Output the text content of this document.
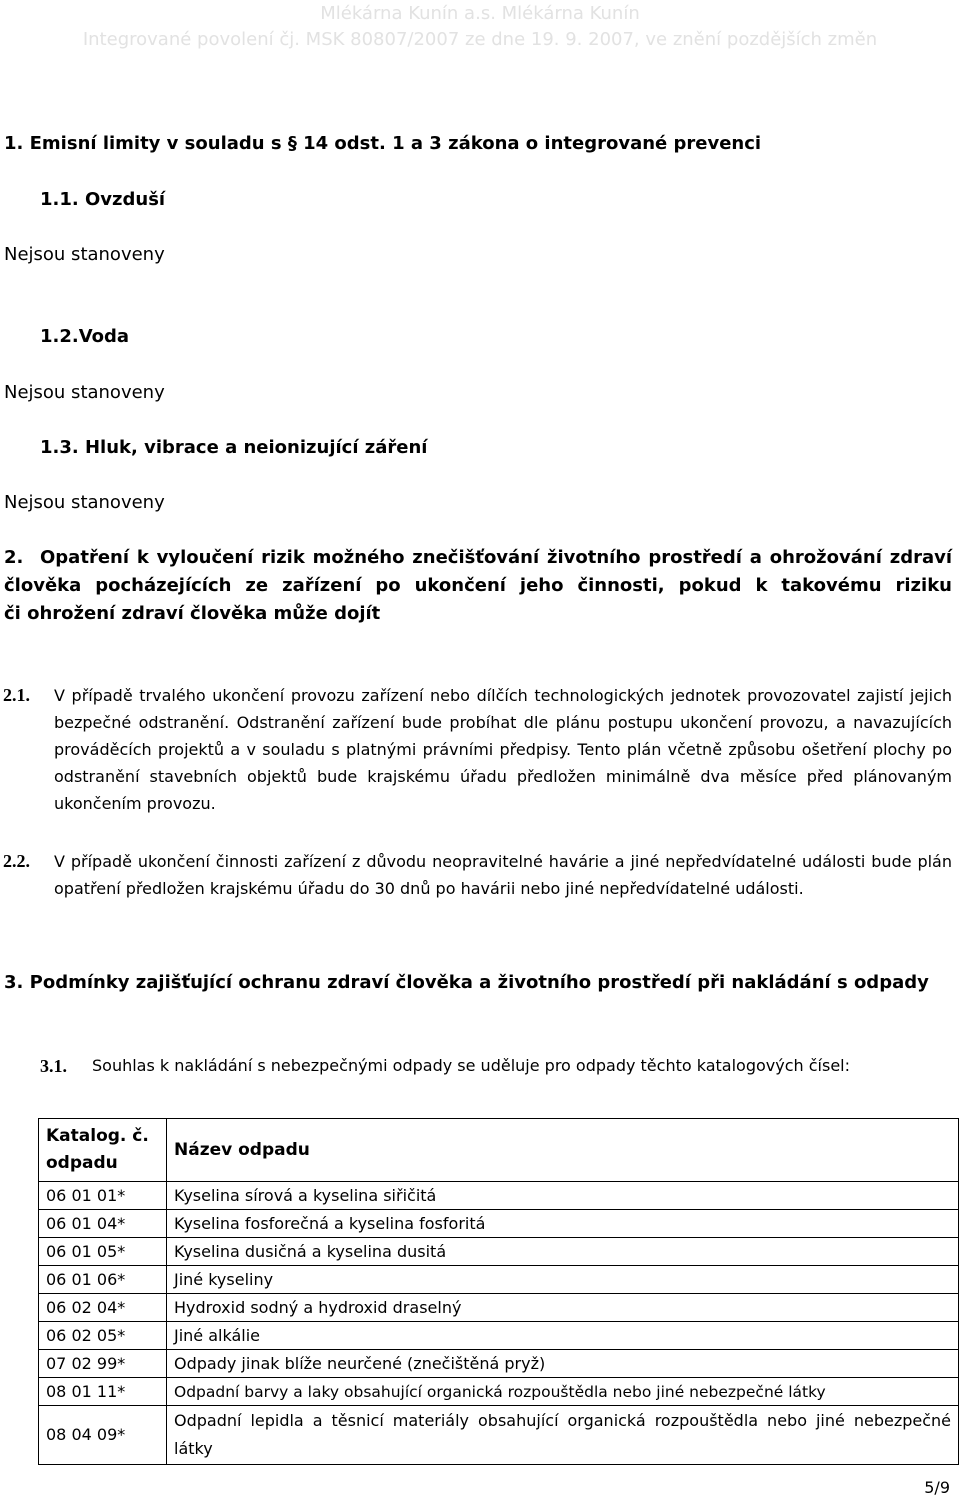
Mlékárna Kunín a.s. Mlékárna Kunín
Integrované povolení čj. MSK 80807/2007 ze dne 19. 9. 2007, ve znění pozdějších změn
1. Emisní limity v souladu s § 14 odst. 1 a 3 zákona o integrované prevenci
1.1. Ovzduší
Nejsou stanoveny
1.2.Voda
Nejsou stanoveny
1.3. Hluk, vibrace a neionizující záření
Nejsou stanoveny
2. Opatření k vyloučení rizik možného znečišťování životního prostředí a ohrožování zdraví
člověka pocházejících ze zařízení po ukončení jeho činnosti, pokud k takovému riziku
či ohrožení zdraví člověka může dojít
2.1. V případě trvalého ukončení provozu zařízení nebo dílčích technologických jednotek provozovatel zajistí jejich bezpečné odstranění. Odstranění zařízení bude probíhat dle plánu postupu ukončení provozu, a navazujících prováděcích projektů a v souladu s platnými právními předpisy. Tento plán včetně způsobu ošetření plochy po odstranění stavebních objektů bude krajskému úřadu předložen minimálně dva měsíce před plánovaným ukončením provozu.
2.2. V případě ukončení činnosti zařízení z důvodu neopravitelné havárie a jiné nepředvídatelné události bude plán opatření předložen krajskému úřadu do 30 dnů po havárii nebo jiné nepředvídatelné události.
3. Podmínky zajišťující ochranu zdraví člověka a životního prostředí při nakládání s odpady
3.1. Souhlas k nakládání s nebezpečnými odpady se uděluje pro odpady těchto katalogových čísel:
Katalog. č. odpadu	Název odpadu
06 01 01*	Kyselina sírová a kyselina siřičitá
06 01 04*	Kyselina fosforečná a kyselina fosforitá
06 01 05*	Kyselina dusičná a kyselina dusitá
06 01 06*	Jiné kyseliny
06 02 04*	Hydroxid sodný a hydroxid draselný
06 02 05*	Jiné alkálie
07 02 99*	Odpady jinak blíže neurčené (znečištěná pryž)
08 01 11*	Odpadní barvy a laky obsahující organická rozpouštědla nebo jiné nebezpečné látky
08 04 09*	Odpadní lepidla a těsnicí materiály obsahující organická rozpouštědla nebo jiné nebezpečné látky
5/9
